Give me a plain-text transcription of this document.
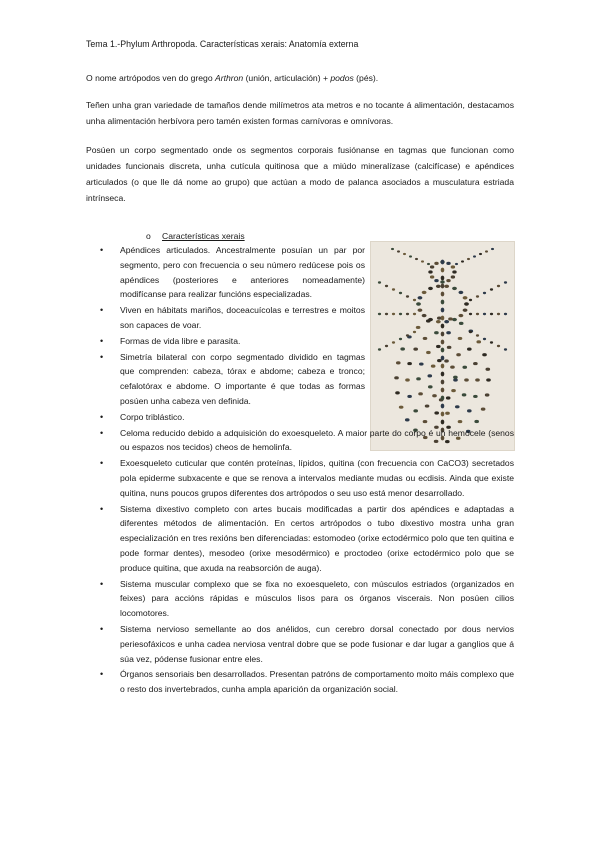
Tema 1.-Phylum Arthropoda. Características xerais: Anatomía externa
O nome artrópodos ven do grego Arthron (unión, articulación) + podos (pés).
Teñen unha gran variedade de tamaños dende milímetros ata metros e no tocante á alimentación, destacamos unha alimentación herbívora pero tamén existen formas carnívoras e omnívoras.
Posúen un corpo segmentado onde os segmentos corporais fusiónanse en tagmas que funcionan como unidades funcionais discreta, unha cutícula quitinosa que a miúdo mineralízase (calcifícase) e apéndices articulados (o que lle dá nome ao grupo) que actúan a modo de palanca asociados a musculatura estriada intrínseca.
o Características xerais
• Apéndices articulados. Ancestralmente posuían un par por segmento, pero con frecuencia o seu número redúcese pois os apéndices (posteriores e anteriores nomeadamente) modifícanse para realizar funcións especializadas.
• Viven en hábitats mariños, doceacuícolas e terrestres e moitos son capaces de voar.
• Formas de vida libre e parasita.
• Simetría bilateral con corpo segmentado dividido en tagmas que comprenden: cabeza, tórax e abdome; cabeza e tronco; cefalotórax e abdome. O importante é que todas as formas posúen unha cabeza ven definida.
• Corpo triblástico.
• Celoma reducido debido a adquisición do exoesqueleto. A maior parte do corpo é un hemocele (senos ou espazos nos tecidos) cheos de hemolinfa.
• Exoesqueleto cuticular que contén proteínas, lípidos, quitina (con frecuencia con CaCO3) secretados pola epiderme subxacente e que se renova a intervalos mediante mudas ou ecdisis. Ainda que existe quitina, nuns poucos grupos diferentes dos artrópodos o seu uso está menor desarrollado.
• Sistema dixestivo completo con artes bucais modificadas a partir dos apéndices e adaptadas a diferentes métodos de alimentación. En certos artrópodos o tubo dixestivo mostra unha gran especialización en tres rexións ben diferenciadas: estomodeo (orixe ectodérmico polo que ten quitina e pode formar dentes), mesodeo (orixe mesodérmico) e proctodeo (orixe ectodérmico polo que se produce quitina, que axuda na reabsorción de auga).
• Sistema muscular complexo que se fixa no exoesqueleto, con músculos estriados (organizados en feixes) para accións rápidas e músculos lisos para os órganos viscerais. Non posúen cilios locomotores.
• Sistema nervioso semellante ao dos anélidos, cun cerebro dorsal conectado por dous nervios periesofáxicos e unha cadea nerviosa ventral dobre que se pode fusionar e dar lugar a ganglios que á súa vez, pódense fusionar entre eles.
• Órganos sensoriais ben desarrollados. Presentan patróns de comportamento moito máis complexo que o resto dos invertebrados, cunha ampla aparición da organización social.
